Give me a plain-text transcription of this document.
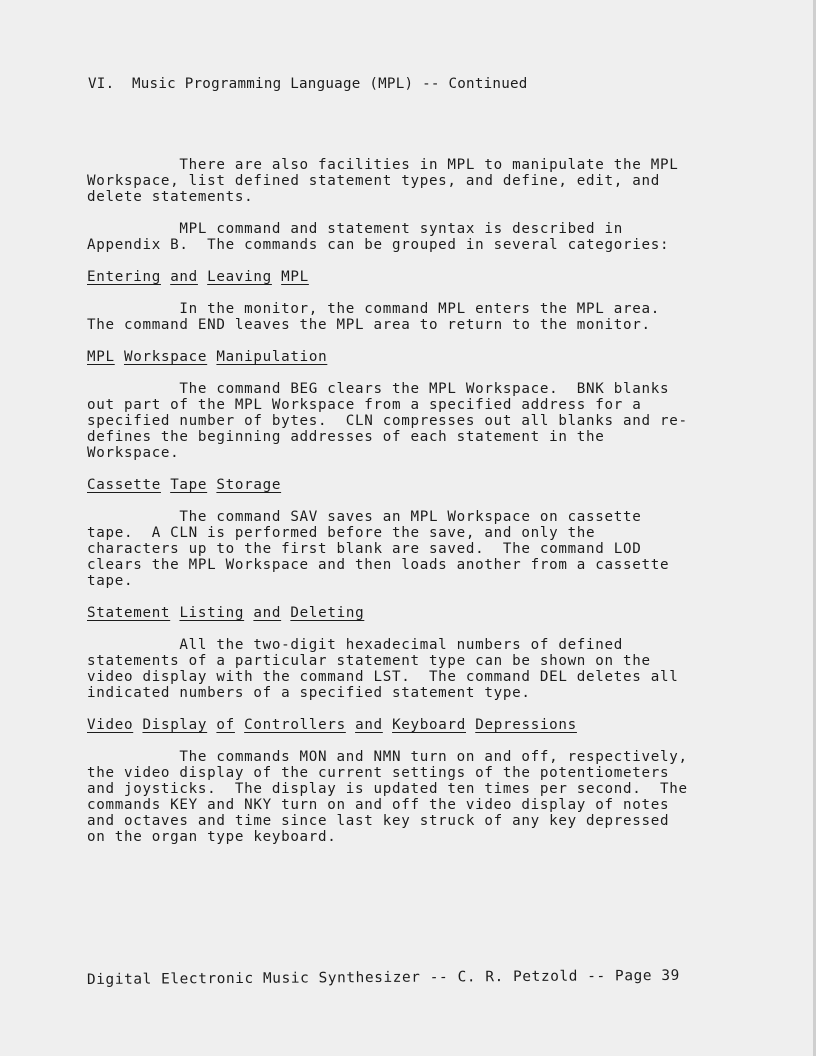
VI.  Music Programming Language (MPL) -- Continued

There are also facilities in MPL to manipulate the MPL
Workspace, list defined statement types, and define, edit, and
delete statements.

MPL command and statement syntax is described in
Appendix B.  The commands can be grouped in several categories:

Entering and Leaving MPL

In the monitor, the command MPL enters the MPL area.
The command END leaves the MPL area to return to the monitor.

MPL Workspace Manipulation

The command BEG clears the MPL Workspace.  BNK blanks
out part of the MPL Workspace from a specified address for a
specified number of bytes.  CLN compresses out all blanks and re-
defines the beginning addresses of each statement in the
Workspace.

Cassette Tape Storage

The command SAV saves an MPL Workspace on cassette
tape.  A CLN is performed before the save, and only the
characters up to the first blank are saved.  The command LOD
clears the MPL Workspace and then loads another from a cassette
tape.

Statement Listing and Deleting

All the two-digit hexadecimal numbers of defined
statements of a particular statement type can be shown on the
video display with the command LST.  The command DEL deletes all
indicated numbers of a specified statement type.

Video Display of Controllers and Keyboard Depressions

The commands MON and NMN turn on and off, respectively,
the video display of the current settings of the potentiometers
and joysticks.  The display is updated ten times per second.  The
commands KEY and NKY turn on and off the video display of notes
and octaves and time since last key struck of any key depressed
on the organ type keyboard.

Digital Electronic Music Synthesizer -- C. R. Petzold -- Page 39
